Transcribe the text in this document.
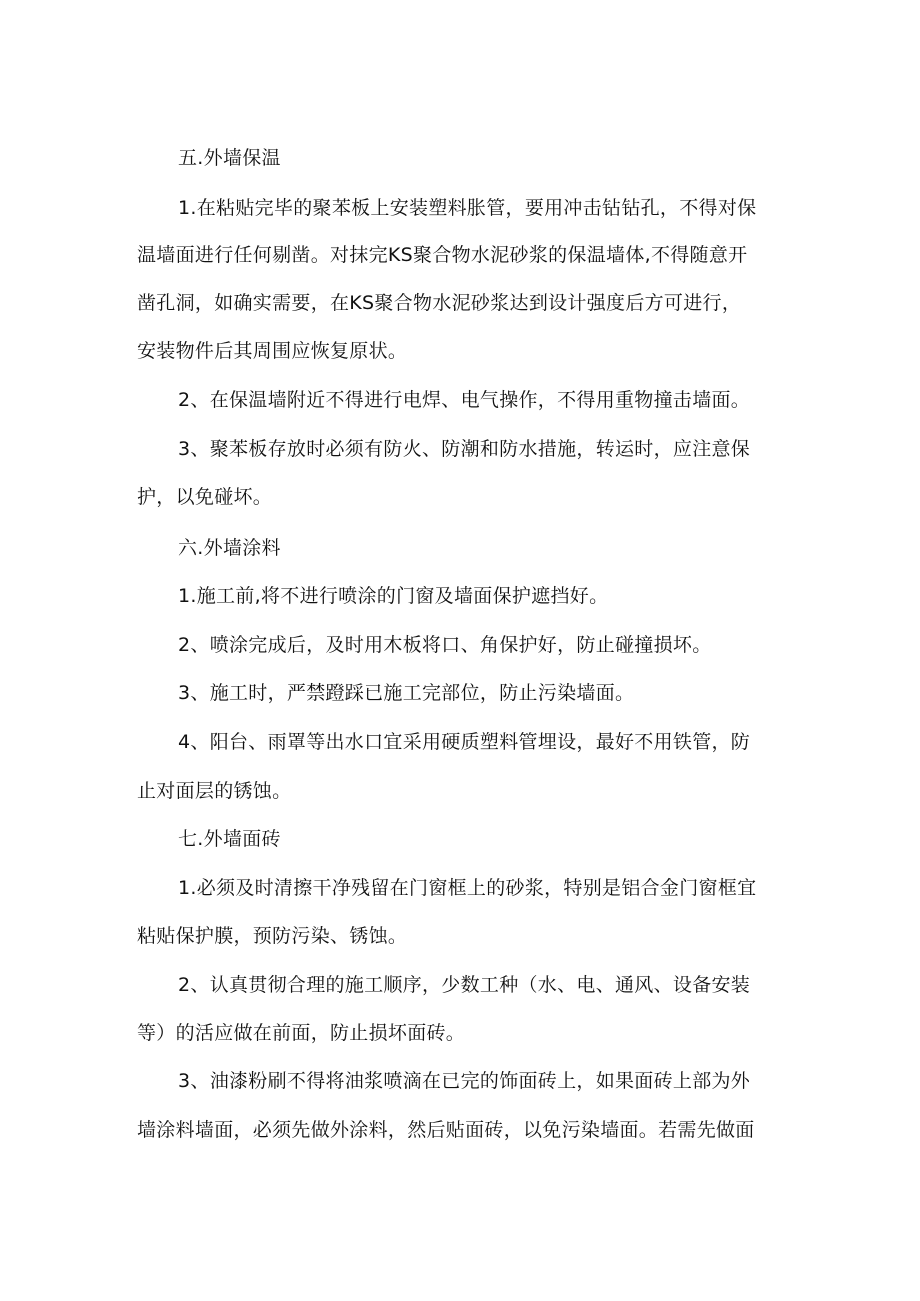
五.外墙保温
1.在粘贴完毕的聚苯板上安装塑料胀管，要用冲击钻钻孔，不得对保
温墙面进行任何剔凿。对抹完KS聚合物水泥砂浆的保温墙体,不得随意开
凿孔洞，如确实需要，在KS聚合物水泥砂浆达到设计强度后方可进行，
安装物件后其周围应恢复原状。
2、在保温墙附近不得进行电焊、电气操作，不得用重物撞击墙面。
3、聚苯板存放时必须有防火、防潮和防水措施，转运时，应注意保
护，以免碰坏。
六.外墙涂料
1.施工前,将不进行喷涂的门窗及墙面保护遮挡好。
2、喷涂完成后，及时用木板将口、角保护好，防止碰撞损坏。
3、施工时，严禁蹬踩已施工完部位，防止污染墙面。
4、阳台、雨罩等出水口宜采用硬质塑料管埋设，最好不用铁管，防
止对面层的锈蚀。
七.外墙面砖
1.必须及时清擦干净残留在门窗框上的砂浆，特别是铝合金门窗框宜
粘贴保护膜，预防污染、锈蚀。
2、认真贯彻合理的施工顺序，少数工种（水、电、通风、设备安装
等）的活应做在前面，防止损坏面砖。
3、油漆粉刷不得将油浆喷滴在已完的饰面砖上，如果面砖上部为外
墙涂料墙面，必须先做外涂料，然后贴面砖，以免污染墙面。若需先做面
